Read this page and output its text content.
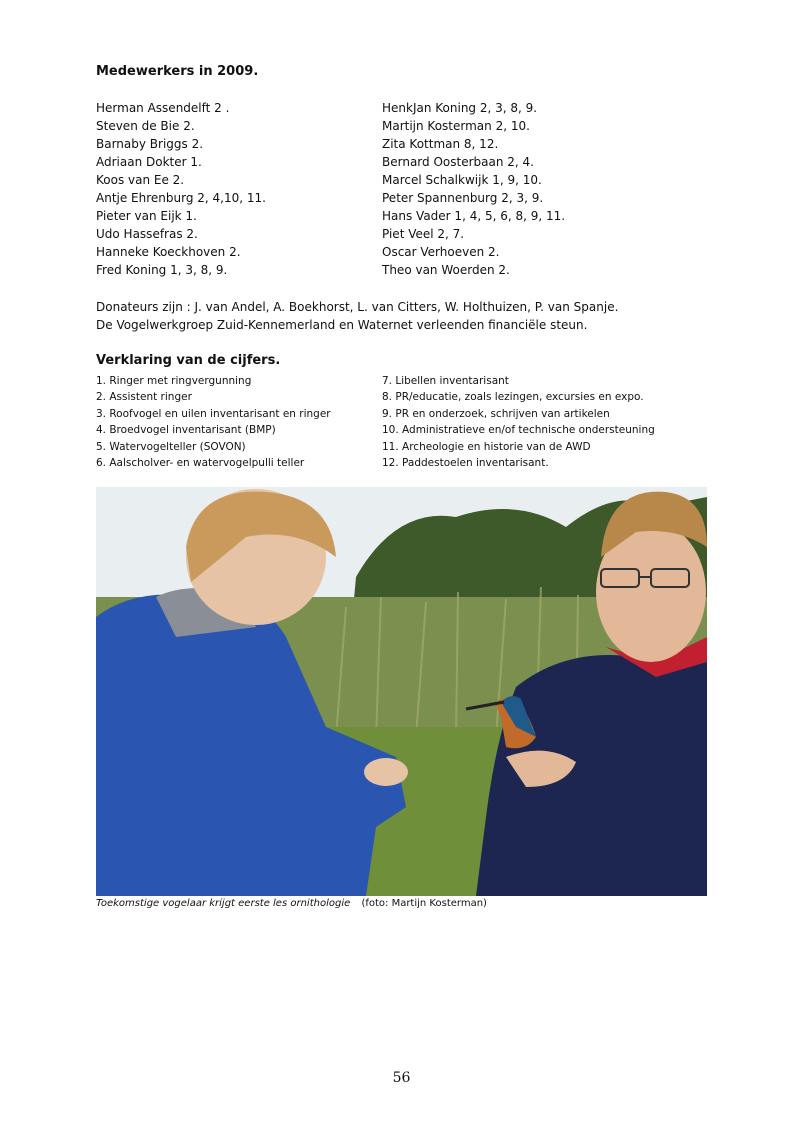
Medewerkers in 2009.
Herman Assendelft 2 .
Steven de Bie 2.
Barnaby Briggs 2.
Adriaan Dokter 1.
Koos van Ee 2.
Antje Ehrenburg 2, 4,10, 11.
Pieter van Eijk 1.
Udo Hassefras 2.
Hanneke Koeckhoven 2.
Fred Koning 1, 3, 8, 9.
HenkJan Koning 2, 3, 8, 9.
Martijn Kosterman 2, 10.
Zita Kottman 8, 12.
Bernard Oosterbaan 2, 4.
Marcel Schalkwijk 1, 9, 10.
Peter Spannenburg 2, 3, 9.
Hans Vader 1, 4, 5, 6, 8, 9, 11.
Piet Veel 2, 7.
Oscar Verhoeven 2.
Theo van Woerden 2.
Donateurs zijn : J. van Andel, A. Boekhorst, L. van Citters, W. Holthuizen, P. van Spanje.
De Vogelwerkgroep Zuid-Kennemerland en Waternet verleenden financiële steun.
Verklaring van de cijfers.
1. Ringer met ringvergunning
2. Assistent ringer
3. Roofvogel en uilen inventarisant en ringer
4. Broedvogel inventarisant (BMP)
5. Watervogelteller (SOVON)
6. Aalscholver- en watervogelpulli teller
7. Libellen inventarisant
8. PR/educatie, zoals lezingen, excursies en expo.
9. PR en onderzoek, schrijven van artikelen
10. Administratieve en/of technische ondersteuning
11. Archeologie en historie van de AWD
12. Paddestoelen inventarisant.
Toekomstige vogelaar krijgt eerste les ornithologie (foto: Martijn Kosterman)
56
